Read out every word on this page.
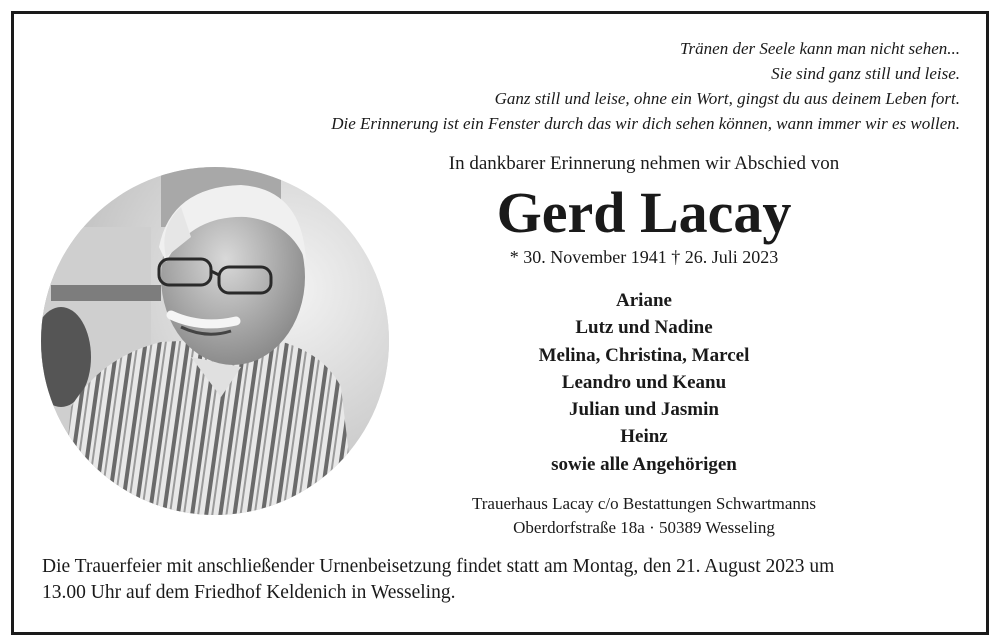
Tränen der Seele kann man nicht sehen...
Sie sind ganz still und leise.
Ganz still und leise, ohne ein Wort, gingst du aus deinem Leben fort.
Die Erinnerung ist ein Fenster durch das wir dich sehen können, wann immer wir es wollen.
In dankbarer Erinnerung nehmen wir Abschied von
Gerd Lacay
* 30. November 1941 † 26. Juli 2023
Ariane
Lutz und Nadine
Melina, Christina, Marcel
Leandro und Keanu
Julian und Jasmin
Heinz
sowie alle Angehörigen
Trauerhaus Lacay c/o Bestattungen Schwartmanns
Oberdorfstraße 18a · 50389 Wesseling
Die Trauerfeier mit anschließender Urnenbeisetzung findet statt am Montag, den 21. August 2023 um
13.00 Uhr auf dem Friedhof Keldenich in Wesseling.
